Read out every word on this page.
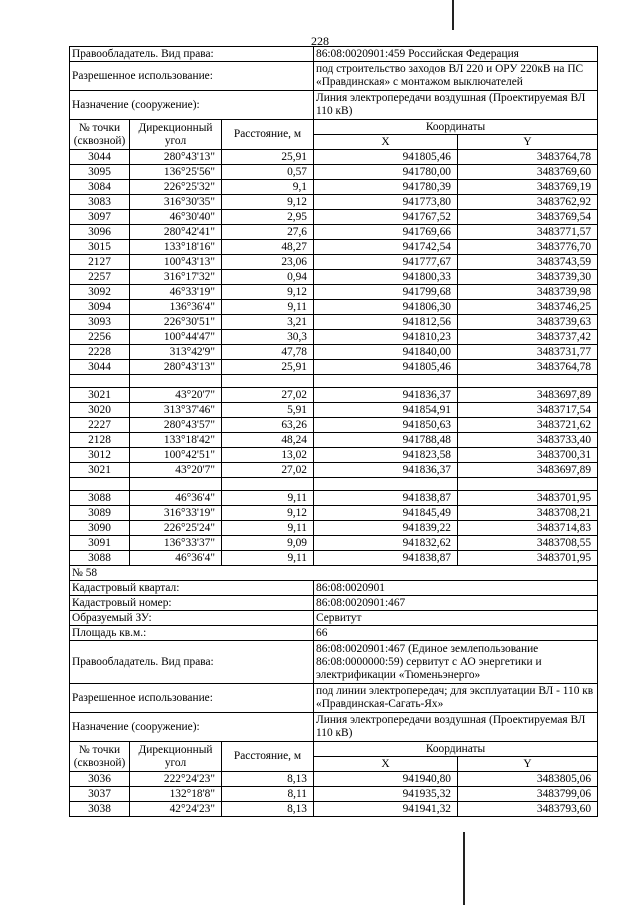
228
Правообладатель. Вид права:			86:08:0020901:459 Российская Федерация	
Разрешенное использование:			под строительство заходов ВЛ 220 и ОРУ 220кВ на ПС «Правдинская» с монтажом выключателей	
Назначение (сооружение):			Линия электропередачи воздушная (Проектируемая ВЛ 110 кВ)	
№ точки (сквозной)	Дирекционный угол	Расстояние, м	Координаты	
			X	Y
3044	280°43'13"	25,91	941805,46	3483764,78
3095	136°25'56"	0,57	941780,00	3483769,60
3084	226°25'32"	9,1	941780,39	3483769,19
3083	316°30'35"	9,12	941773,80	3483762,92
3097	46°30'40"	2,95	941767,52	3483769,54
3096	280°42'41"	27,6	941769,66	3483771,57
3015	133°18'16"	48,27	941742,54	3483776,70
2127	100°43'13"	23,06	941777,67	3483743,59
2257	316°17'32"	0,94	941800,33	3483739,30
3092	46°33'19"	9,12	941799,68	3483739,98
3094	136°36'4"	9,11	941806,30	3483746,25
3093	226°30'51"	3,21	941812,56	3483739,63
2256	100°44'47"	30,3	941810,23	3483737,42
2228	313°42'9"	47,78	941840,00	3483731,77
3044	280°43'13"	25,91	941805,46	3483764,78

3021	43°20'7"	27,02	941836,37	3483697,89
3020	313°37'46"	5,91	941854,91	3483717,54
2227	280°43'57"	63,26	941850,63	3483721,62
2128	133°18'42"	48,24	941788,48	3483733,40
3012	100°42'51"	13,02	941823,58	3483700,31
3021	43°20'7"	27,02	941836,37	3483697,89

3088	46°36'4"	9,11	941838,87	3483701,95
3089	316°33'19"	9,12	941845,49	3483708,21
3090	226°25'24"	9,11	941839,22	3483714,83
3091	136°33'37"	9,09	941832,62	3483708,55
3088	46°36'4"	9,11	941838,87	3483701,95
№ 58				
Кадастровый квартал:			86:08:0020901	
Кадастровый номер:			86:08:0020901:467	
Образуемый ЗУ:			Сервитут	
Площадь кв.м.:			66	
Правообладатель. Вид права:			86:08:0020901:467 (Единое землепользование 86:08:0000000:59) сервитут с АО энергетики и электрификации «Тюменьэнерго»	
Разрешенное использование:			под линии электропередач; для эксплуатации ВЛ - 110 кв «Правдинская-Сагать-Ях»	
Назначение (сооружение):			Линия электропередачи воздушная (Проектируемая ВЛ 110 кВ)	
№ точки (сквозной)	Дирекционный угол	Расстояние, м	Координаты	
			X	Y
3036	222°24'23"	8,13	941940,80	3483805,06
3037	132°18'8"	8,11	941935,32	3483799,06
3038	42°24'23"	8,13	941941,32	3483793,60
